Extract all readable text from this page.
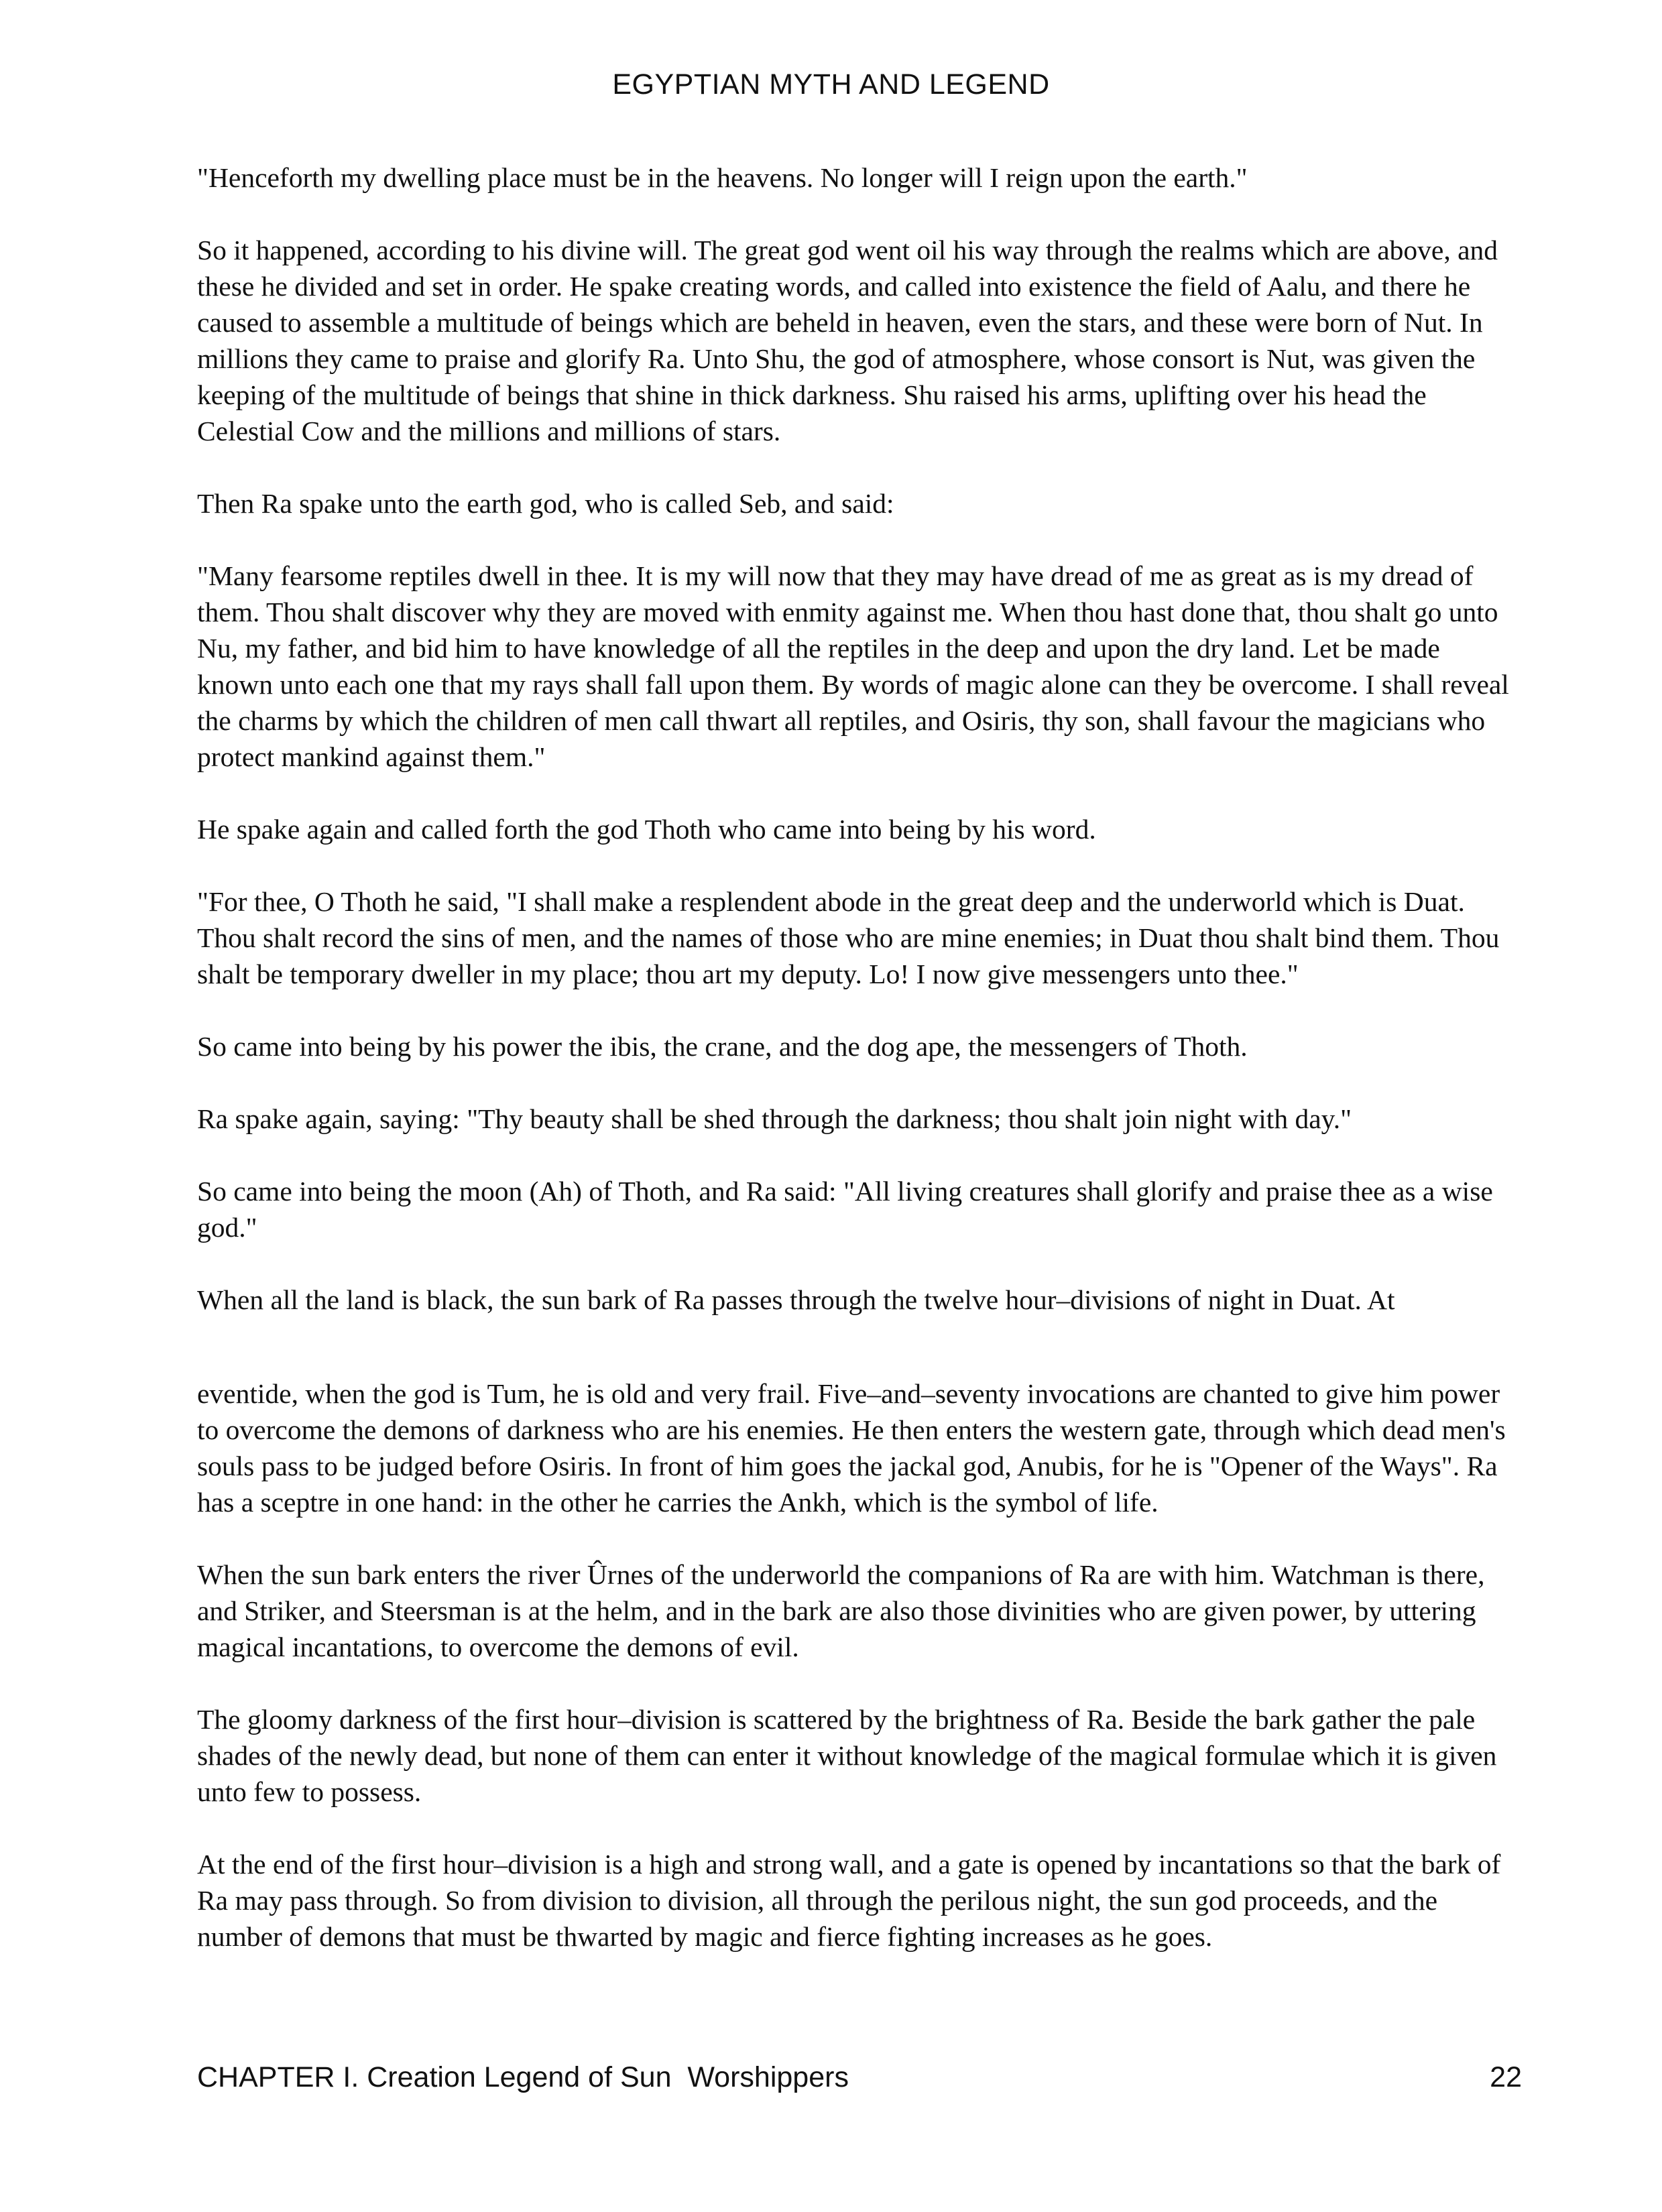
EGYPTIAN MYTH AND LEGEND

"Henceforth my dwelling place must be in the heavens. No longer will I reign upon the earth."

So it happened, according to his divine will. The great god went oil his way through the realms which are above, and these he divided and set in order. He spake creating words, and called into existence the field of Aalu, and there he caused to assemble a multitude of beings which are beheld in heaven, even the stars, and these were born of Nut. In millions they came to praise and glorify Ra. Unto Shu, the god of atmosphere, whose consort is Nut, was given the keeping of the multitude of beings that shine in thick darkness. Shu raised his arms, uplifting over his head the Celestial Cow and the millions and millions of stars.

Then Ra spake unto the earth god, who is called Seb, and said:

"Many fearsome reptiles dwell in thee. It is my will now that they may have dread of me as great as is my dread of them. Thou shalt discover why they are moved with enmity against me. When thou hast done that, thou shalt go unto Nu, my father, and bid him to have knowledge of all the reptiles in the deep and upon the dry land. Let be made known unto each one that my rays shall fall upon them. By words of magic alone can they be overcome. I shall reveal the charms by which the children of men call thwart all reptiles, and Osiris, thy son, shall favour the magicians who protect mankind against them."

He spake again and called forth the god Thoth who came into being by his word.

"For thee, O Thoth he said, "I shall make a resplendent abode in the great deep and the underworld which is Duat. Thou shalt record the sins of men, and the names of those who are mine enemies; in Duat thou shalt bind them. Thou shalt be temporary dweller in my place; thou art my deputy. Lo! I now give messengers unto thee."

So came into being by his power the ibis, the crane, and the dog ape, the messengers of Thoth.

Ra spake again, saying: "Thy beauty shall be shed through the darkness; thou shalt join night with day."

So came into being the moon (Ah) of Thoth, and Ra said: "All living creatures shall glorify and praise thee as a wise god."

When all the land is black, the sun bark of Ra passes through the twelve hour–divisions of night in Duat. At

eventide, when the god is Tum, he is old and very frail. Five–and–seventy invocations are chanted to give him power to overcome the demons of darkness who are his enemies. He then enters the western gate, through which dead men's souls pass to be judged before Osiris. In front of him goes the jackal god, Anubis, for he is "Opener of the Ways". Ra has a sceptre in one hand: in the other he carries the Ankh, which is the symbol of life.

When the sun bark enters the river Ûrnes of the underworld the companions of Ra are with him. Watchman is there, and Striker, and Steersman is at the helm, and in the bark are also those divinities who are given power, by uttering magical incantations, to overcome the demons of evil.

The gloomy darkness of the first hour–division is scattered by the brightness of Ra. Beside the bark gather the pale shades of the newly dead, but none of them can enter it without knowledge of the magical formulae which it is given unto few to possess.

At the end of the first hour–division is a high and strong wall, and a gate is opened by incantations so that the bark of Ra may pass through. So from division to division, all through the perilous night, the sun god proceeds, and the number of demons that must be thwarted by magic and fierce fighting increases as he goes.

CHAPTER I. Creation Legend of Sun  Worshippers	22
